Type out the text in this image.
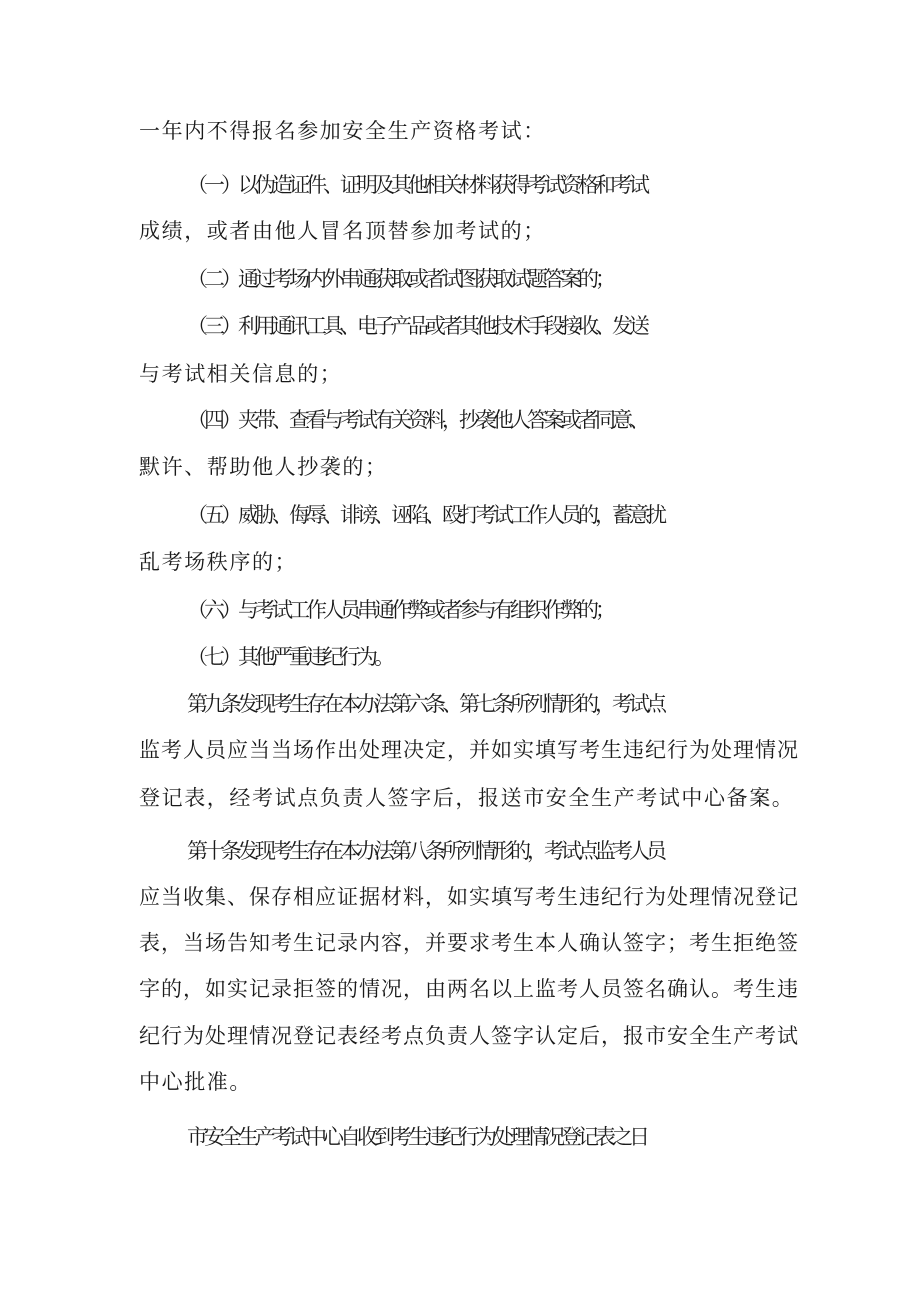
一年内不得报名参加安全生产资格考试：
（一）以伪造证件、证明及其他相关材料获得考试资格和考试
成绩，或者由他人冒名顶替参加考试的；
（二）通过考场内外串通获取或者试图获取试题答案的；
（三）利用通讯工具、电子产品或者其他技术手段接收、发送
与考试相关信息的；
（四）夹带、查看与考试有关资料，抄袭他人答案或者同意、
默许、帮助他人抄袭的；
（五）威胁、侮辱、诽谤、诬陷、殴打考试工作人员的，蓄意扰
乱考场秩序的；
（六）与考试工作人员串通作弊或者参与有组织作弊的；
（七）其他严重违纪行为。
第九条发现考生存在本办法第六条、第七条所列情形的，考试点
监考人员应当当场作出处理决定，并如实填写考生违纪行为处理情况
登记表，经考试点负责人签字后，报送市安全生产考试中心备案。
第十条发现考生存在本办法第八条所列情形的，考试点监考人员
应当收集、保存相应证据材料，如实填写考生违纪行为处理情况登记
表，当场告知考生记录内容，并要求考生本人确认签字；考生拒绝签
字的，如实记录拒签的情况，由两名以上监考人员签名确认。考生违
纪行为处理情况登记表经考点负责人签字认定后，报市安全生产考试
中心批准。
市安全生产考试中心自收到考生违纪行为处理情况登记表之日
